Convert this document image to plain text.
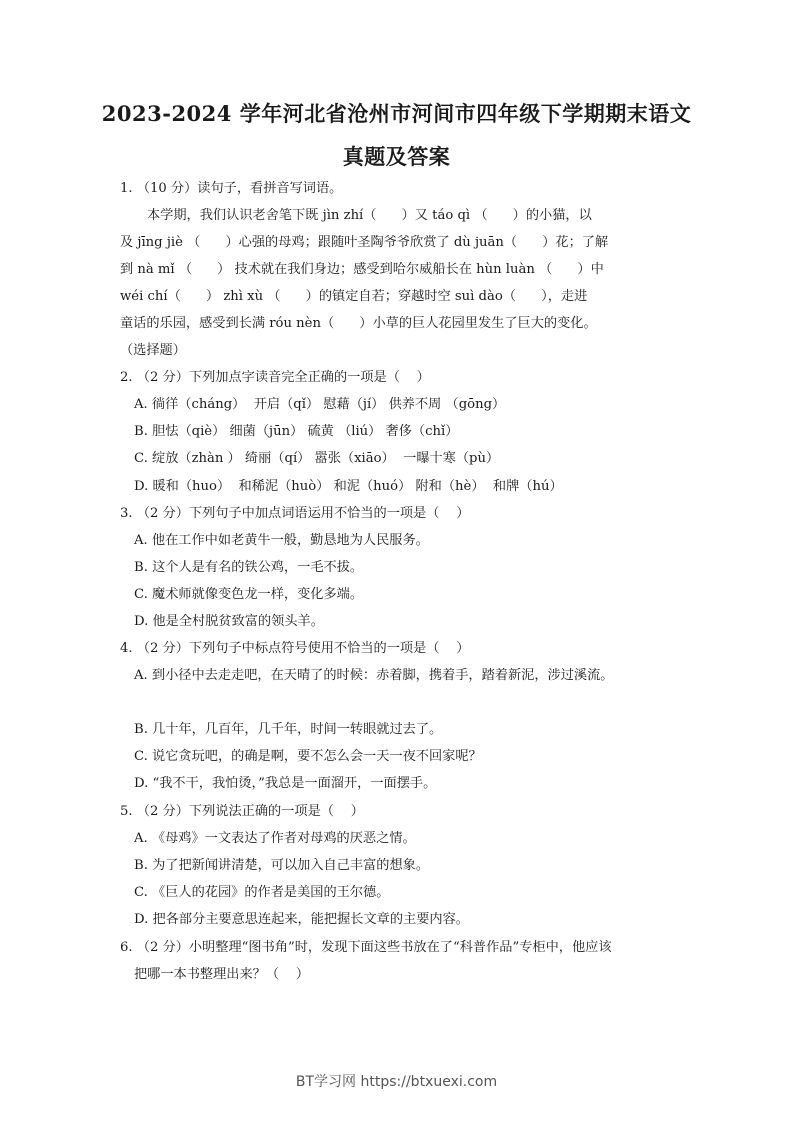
2023-2024 学年河北省沧州市河间市四年级下学期期末语文
真题及答案
1. （10 分）读句子，看拼音写词语。
本学期，我们认识老舍笔下既 jìn zhí（      ）又 táo qì （      ）的小猫，以
及 jīng jiè （      ）心强的母鸡；跟随叶圣陶爷爷欣赏了 dù juān（      ）花；了解
到 nà mǐ （      ） 技术就在我们身边；感受到哈尔威船长在 hùn luàn （      ）中
wéi chí（      ） zhì xù （      ）的镇定自若；穿越时空 suì dào（      ），走进
童话的乐园，感受到长满 róu nèn（      ）小草的巨人花园里发生了巨大的变化。
（选择题）
2. （2 分）下列加点字读音完全正确的一项是（    ）
A. 徜徉（cháng）  开启（qǐ） 慰藉（jí） 供养不周 （gōng）
B. 胆怯（qiè） 细菌（jūn） 硫黄 （liú） 奢侈（chǐ）
C. 绽放（zhàn ） 绮丽（qí） 嚣张（xiāo）  一曝十寒（pù）
D. 暖和（huo）  和稀泥（huò） 和泥（huó） 附和（hè）  和牌（hú）
3. （2 分）下列句子中加点词语运用不恰当的一项是（    ）
A. 他在工作中如老黄牛一般，勤恳地为人民服务。
B. 这个人是有名的铁公鸡，一毛不拔。
C. 魔术师就像变色龙一样，变化多端。
D. 他是全村脱贫致富的领头羊。
4. （2 分）下列句子中标点符号使用不恰当的一项是（    ）
A. 到小径中去走走吧，在天晴了的时候：赤着脚，携着手，踏着新泥，涉过溪流。
B. 几十年，几百年，几千年，时间一转眼就过去了。
C. 说它贪玩吧，的确是啊，要不怎么会一天一夜不回家呢？
D. “我不干，我怕烫，”我总是一面溜开，一面摆手。
5. （2 分）下列说法正确的一项是（    ）
A. 《母鸡》一文表达了作者对母鸡的厌恶之情。
B. 为了把新闻讲清楚，可以加入自己丰富的想象。
C. 《巨人的花园》的作者是美国的王尔德。
D. 把各部分主要意思连起来，能把握长文章的主要内容。
6. （2 分）小明整理“图书角”时，发现下面这些书放在了“科普作品”专柜中，他应该
把哪一本书整理出来？（    ）
BT学习网 https://btxuexi.com
